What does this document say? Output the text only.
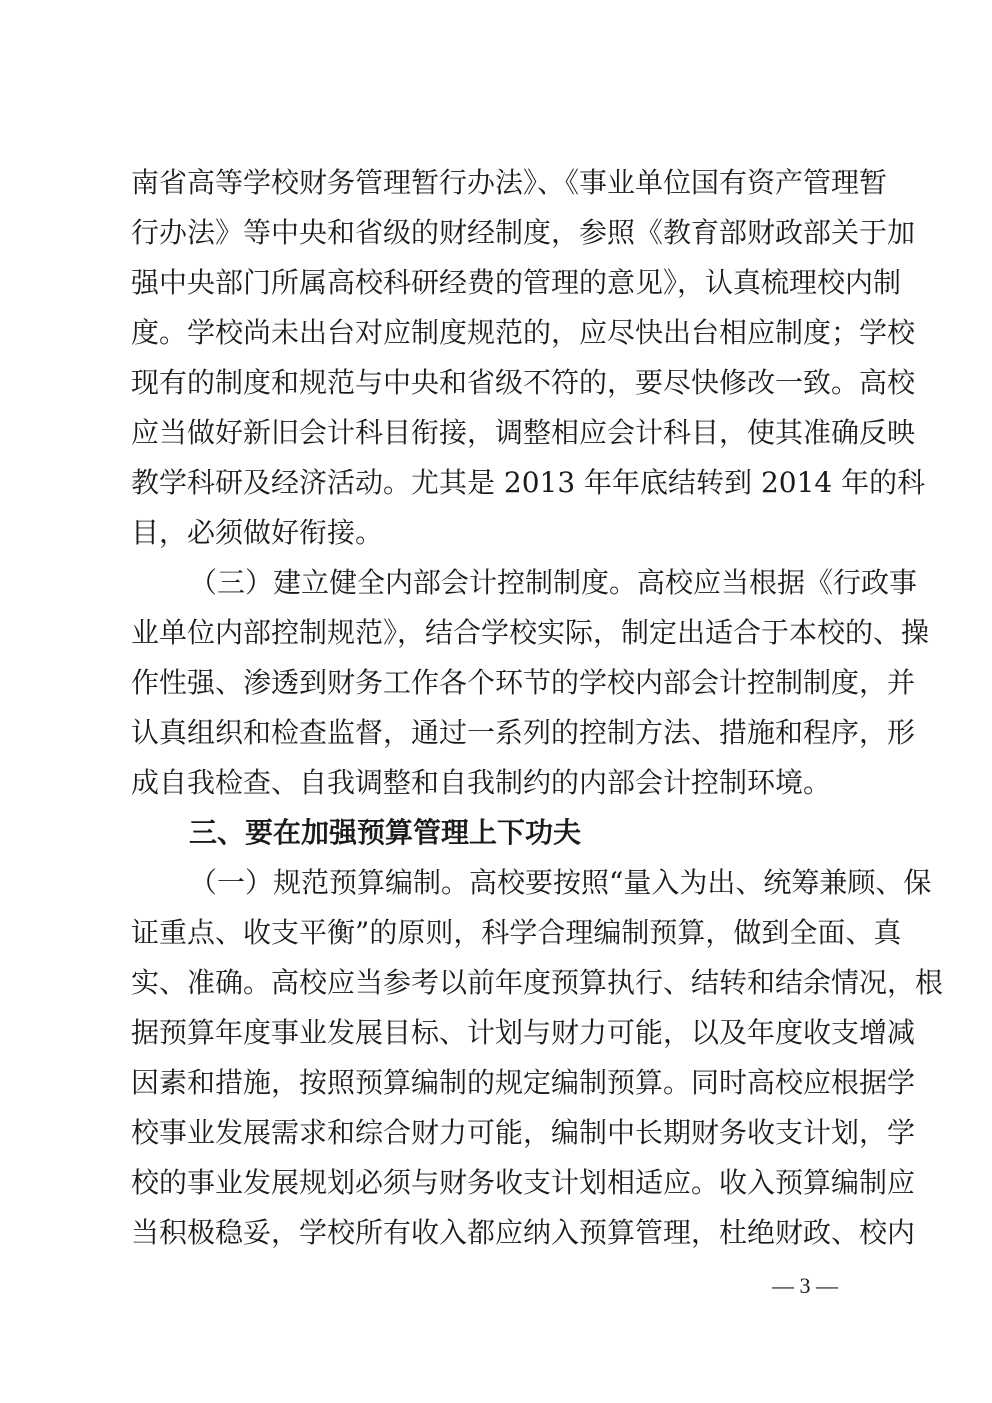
南省高等学校财务管理暂行办法》、《事业单位国有资产管理暂
行办法》等中央和省级的财经制度，参照《教育部财政部关于加
强中央部门所属高校科研经费的管理的意见》，认真梳理校内制
度。学校尚未出台对应制度规范的，应尽快出台相应制度；学校
现有的制度和规范与中央和省级不符的，要尽快修改一致。高校
应当做好新旧会计科目衔接，调整相应会计科目，使其准确反映
教学科研及经济活动。尤其是 2013 年年底结转到 2014 年的科
目，必须做好衔接。
（三）建立健全内部会计控制制度。高校应当根据《行政事
业单位内部控制规范》，结合学校实际，制定出适合于本校的、操
作性强、渗透到财务工作各个环节的学校内部会计控制制度，并
认真组织和检查监督，通过一系列的控制方法、措施和程序，形
成自我检查、自我调整和自我制约的内部会计控制环境。
三、要在加强预算管理上下功夫
（一）规范预算编制。高校要按照“量入为出、统筹兼顾、保
证重点、收支平衡”的原则，科学合理编制预算，做到全面、真
实、准确。高校应当参考以前年度预算执行、结转和结余情况，根
据预算年度事业发展目标、计划与财力可能，以及年度收支增减
因素和措施，按照预算编制的规定编制预算。同时高校应根据学
校事业发展需求和综合财力可能，编制中长期财务收支计划，学
校的事业发展规划必须与财务收支计划相适应。收入预算编制应
当积极稳妥，学校所有收入都应纳入预算管理，杜绝财政、校内
— 3 —
